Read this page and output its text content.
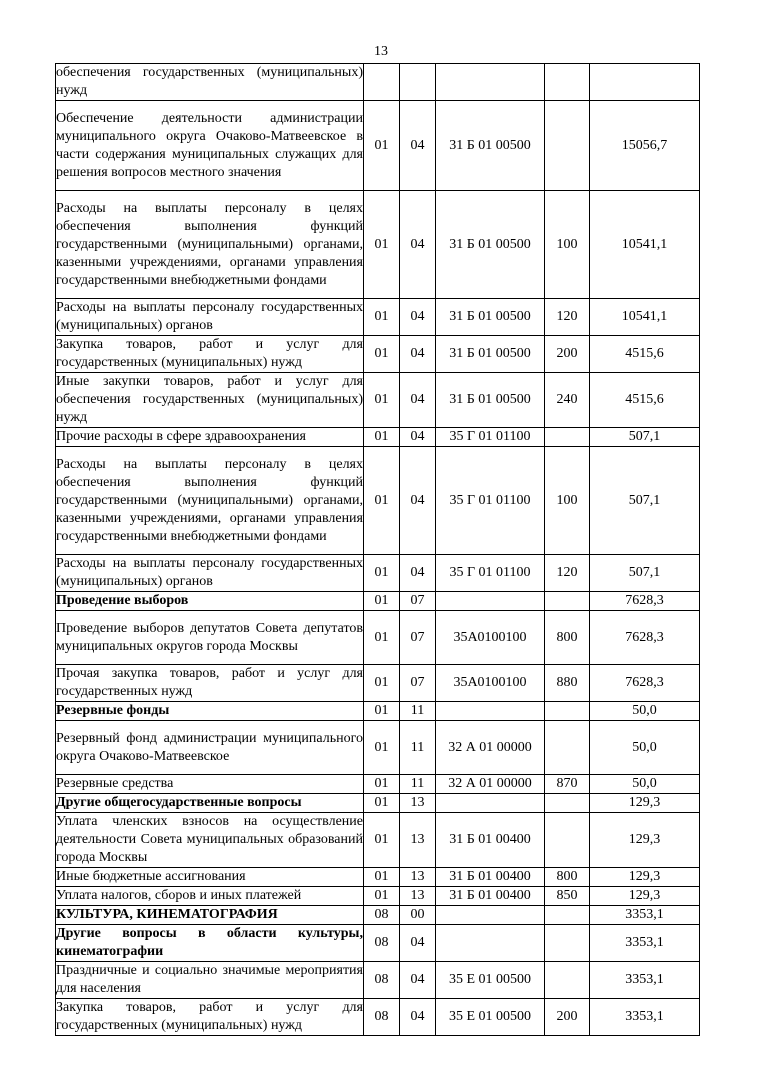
13
обеспечения государственных (муниципальных) нужд					
Обеспечение деятельности администрации муниципального округа Очаково-Матвеевское в части содержания муниципальных служащих для решения вопросов местного значения	01	04	31 Б 01 00500		15056,7
Расходы на выплаты персоналу в целях обеспечения выполнения функций государственными (муниципальными) органами, казенными учреждениями, органами управления государственными внебюджетными фондами	01	04	31 Б 01 00500	100	10541,1
Расходы на выплаты персоналу государственных (муниципальных) органов	01	04	31 Б 01 00500	120	10541,1
Закупка товаров, работ и услуг для государственных (муниципальных) нужд	01	04	31 Б 01 00500	200	4515,6
Иные закупки товаров, работ и услуг для обеспечения государственных (муниципальных) нужд	01	04	31 Б 01 00500	240	4515,6
Прочие расходы в сфере здравоохранения	01	04	35 Г 01 01100		507,1
Расходы на выплаты персоналу в целях обеспечения выполнения функций государственными (муниципальными) органами, казенными учреждениями, органами управления государственными внебюджетными фондами	01	04	35 Г 01 01100	100	507,1
Расходы на выплаты персоналу государственных (муниципальных) органов	01	04	35 Г 01 01100	120	507,1
Проведение выборов	01	07			7628,3
Проведение выборов депутатов Совета депутатов муниципальных округов города Москвы	01	07	35А0100100	800	7628,3
Прочая закупка товаров, работ и услуг для государственных нужд	01	07	35А0100100	880	7628,3
Резервные фонды	01	11			50,0
Резервный фонд администрации муниципального округа Очаково-Матвеевское	01	11	32 А 01 00000		50,0
Резервные средства	01	11	32 А 01 00000	870	50,0
Другие общегосударственные вопросы	01	13			129,3
Уплата членских взносов на осуществление деятельности Совета муниципальных образований города Москвы	01	13	31 Б 01 00400		129,3
Иные бюджетные ассигнования	01	13	31 Б 01 00400	800	129,3
Уплата налогов, сборов и иных платежей	01	13	31 Б 01 00400	850	129,3
КУЛЬТУРА, КИНЕМАТОГРАФИЯ	08	00			3353,1
Другие вопросы в области культуры, кинематографии	08	04			3353,1
Праздничные и социально значимые мероприятия для населения	08	04	35 Е 01 00500		3353,1
Закупка товаров, работ и услуг для государственных (муниципальных) нужд	08	04	35 Е 01 00500	200	3353,1
